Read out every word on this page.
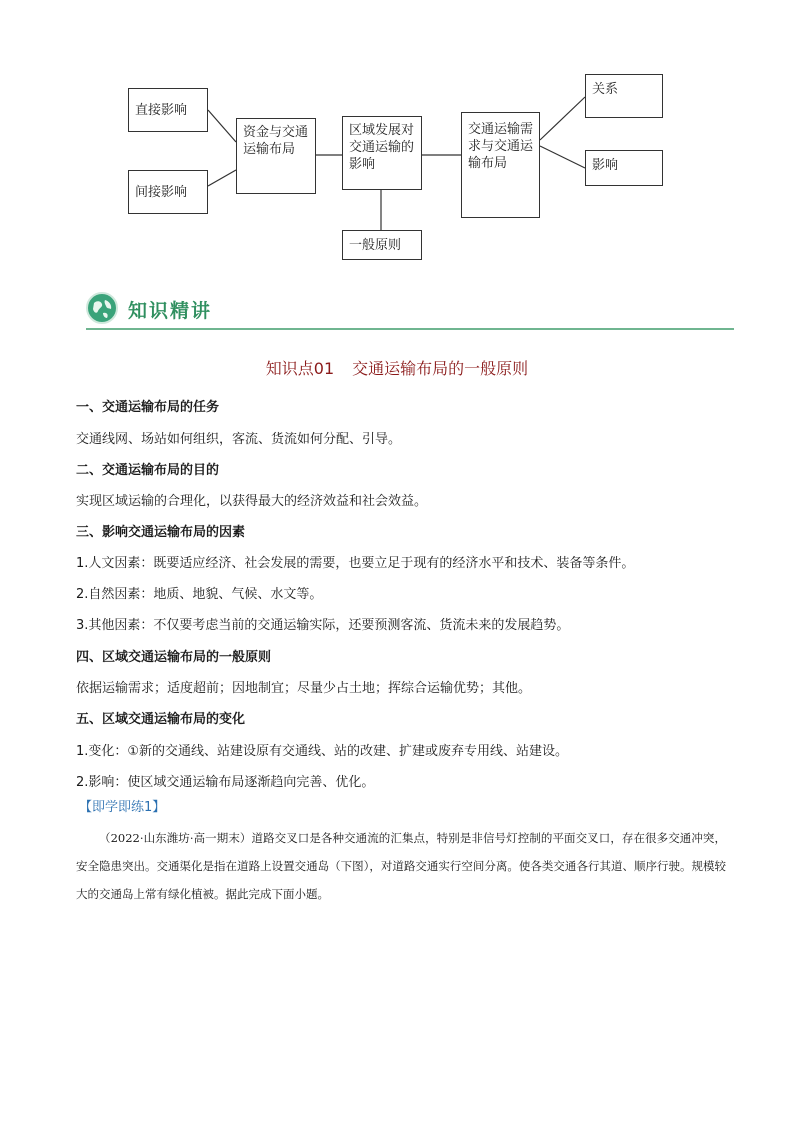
直接影响
间接影响
资金与交通运输布局
区域发展对交通运输的影响
交通运输需求与交通运输布局
关系
影响
一般原则
知识精讲
知识点01 交通运输布局的一般原则
一、交通运输布局的任务
交通线网、场站如何组织，客流、货流如何分配、引导。
二、交通运输布局的目的
实现区域运输的合理化，以获得最大的经济效益和社会效益。
三、影响交通运输布局的因素
1.人文因素：既要适应经济、社会发展的需要，也要立足于现有的经济水平和技术、装备等条件。
2.自然因素：地质、地貌、气候、水文等。
3.其他因素：不仅要考虑当前的交通运输实际，还要预测客流、货流未来的发展趋势。
四、区域交通运输布局的一般原则
依据运输需求；适度超前；因地制宜；尽量少占土地；挥综合运输优势；其他。
五、区域交通运输布局的变化
1.变化：①新的交通线、站建设原有交通线、站的改建、扩建或废弃专用线、站建设。
2.影响：使区域交通运输布局逐渐趋向完善、优化。
【即学即练1】
（2022·山东潍坊·高一期末）道路交叉口是各种交通流的汇集点，特别是非信号灯控制的平面交叉口，存在很多交通冲突，安全隐患突出。交通渠化是指在道路上设置交通岛（下图），对道路交通实行空间分离。使各类交通各行其道、顺序行驶。规模较大的交通岛上常有绿化植被。据此完成下面小题。
